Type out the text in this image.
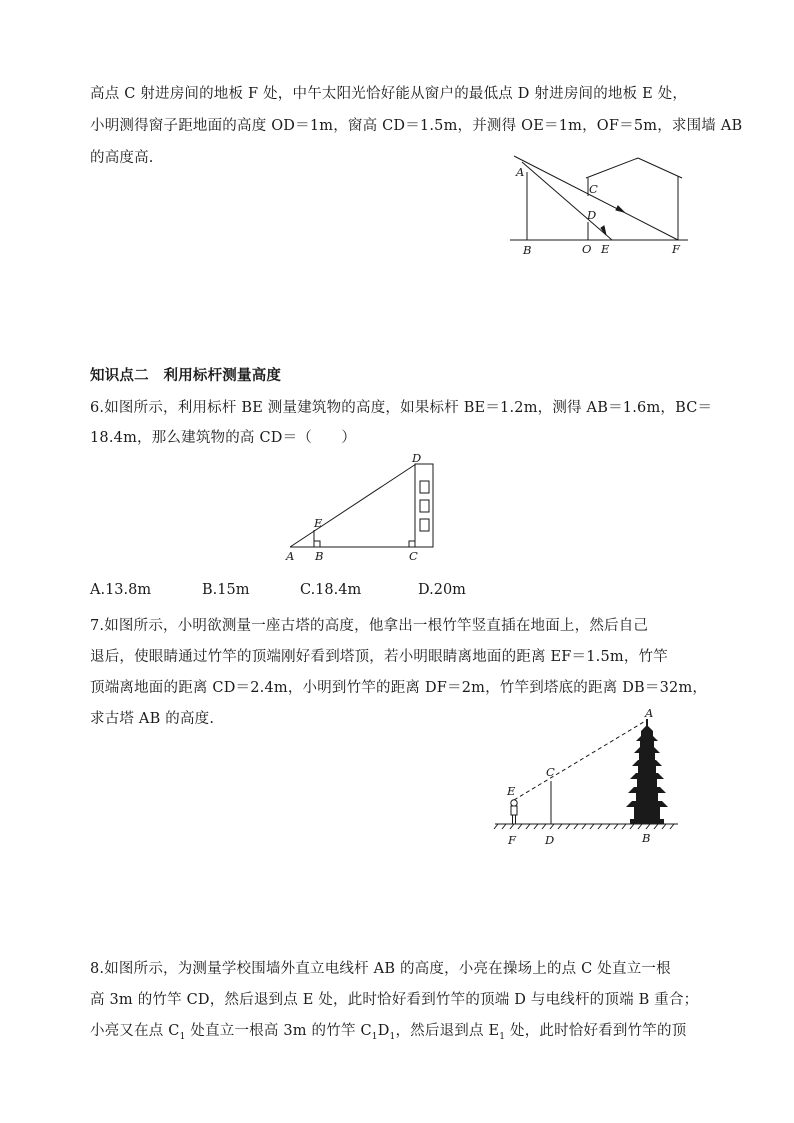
高点 C 射进房间的地板 F 处，中午太阳光恰好能从窗户的最低点 D 射进房间的地板 E 处，
小明测得窗子距地面的高度 OD＝1m，窗高 CD＝1.5m，并测得 OE＝1m，OF＝5m，求围墙 AB
的高度高.
A
B
C
D
O E	F
知识点二　利用标杆测量高度
6.如图所示，利用标杆 BE 测量建筑物的高度，如果标杆 BE＝1.2m，测得 AB＝1.6m，BC＝
18.4m，那么建筑物的高 CD＝（　　）
D
E
A B	C
A.13.8m	B.15m	C.18.4m	D.20m
7.如图所示，小明欲测量一座古塔的高度，他拿出一根竹竿竖直插在地面上，然后自己
退后，使眼睛通过竹竿的顶端刚好看到塔顶，若小明眼睛离地面的距离 EF＝1.5m，竹竿
顶端离地面的距离 CD＝2.4m，小明到竹竿的距离 DF＝2m，竹竿到塔底的距离 DB＝32m，
求古塔 AB 的高度.	A
C
E
F	D	B
8.如图所示，为测量学校围墙外直立电线杆 AB 的高度，小亮在操场上的点 C 处直立一根
高 3m 的竹竿 CD，然后退到点 E 处，此时恰好看到竹竿的顶端 D 与电线杆的顶端 B 重合；
小亮又在点 $C_1$ 处直立一根高 3m 的竹竿 $C_1D_1$，然后退到点 $E_1$ 处，此时恰好看到竹竿的顶
